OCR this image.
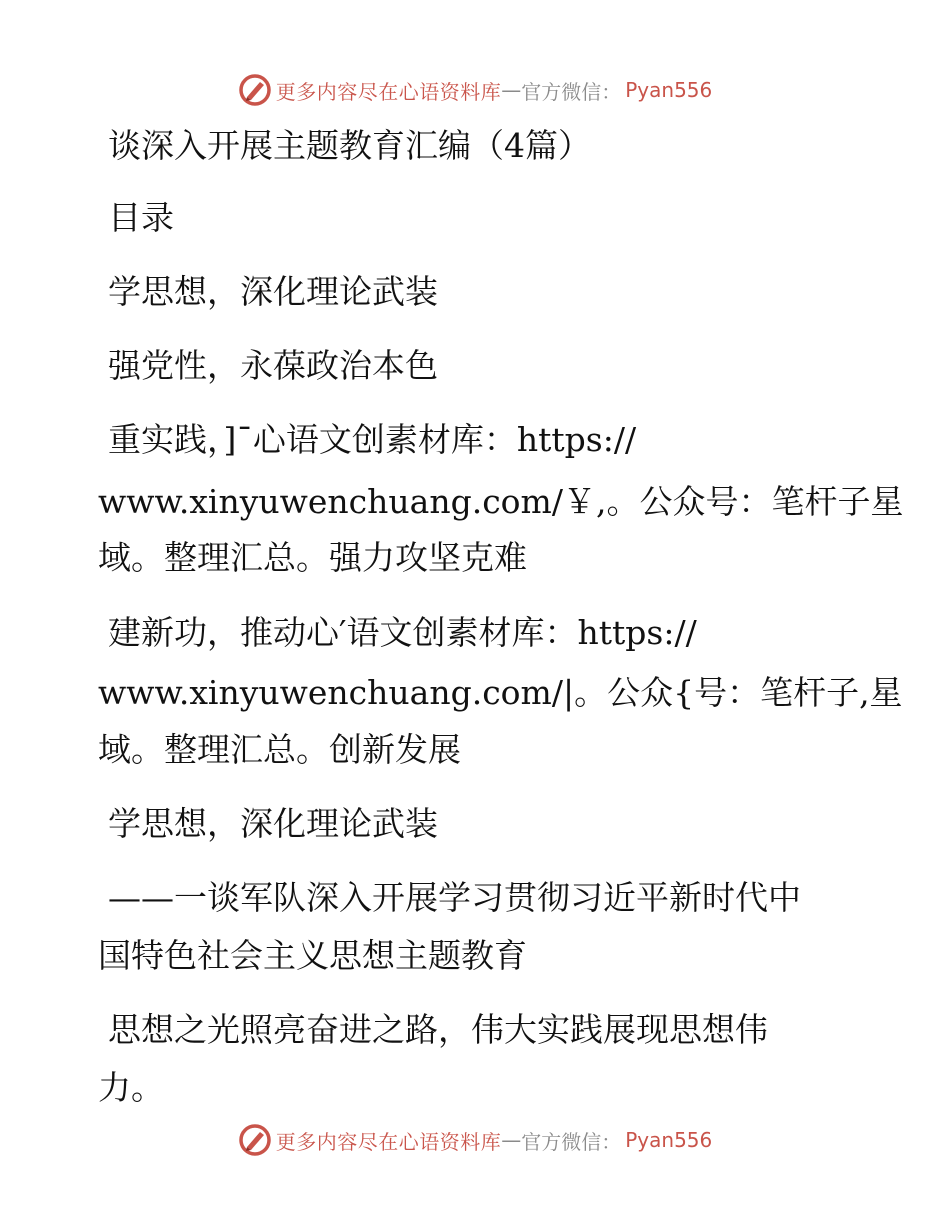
更多内容尽在心语资料库 — 官方微信： Pyan556
谈深入开展主题教育汇编（4篇）
目录
学思想，深化理论武装
强党性，永葆政治本色
重实践，]¯心语文创素材库：https://
www.xinyuwenchuang.com/￥,。公众号：笔杆子星
域。整理汇总。强力攻坚克难
建新功，推动心′语文创素材库：https://
www.xinyuwenchuang.com/|。公众{号：笔杆子,星
域。整理汇总。创新发展
学思想，深化理论武装
——一谈军队深入开展学习贯彻习近平新时代中
国特色社会主义思想主题教育
思想之光照亮奋进之路，伟大实践展现思想伟
力。
更多内容尽在心语资料库 — 官方微信： Pyan556
